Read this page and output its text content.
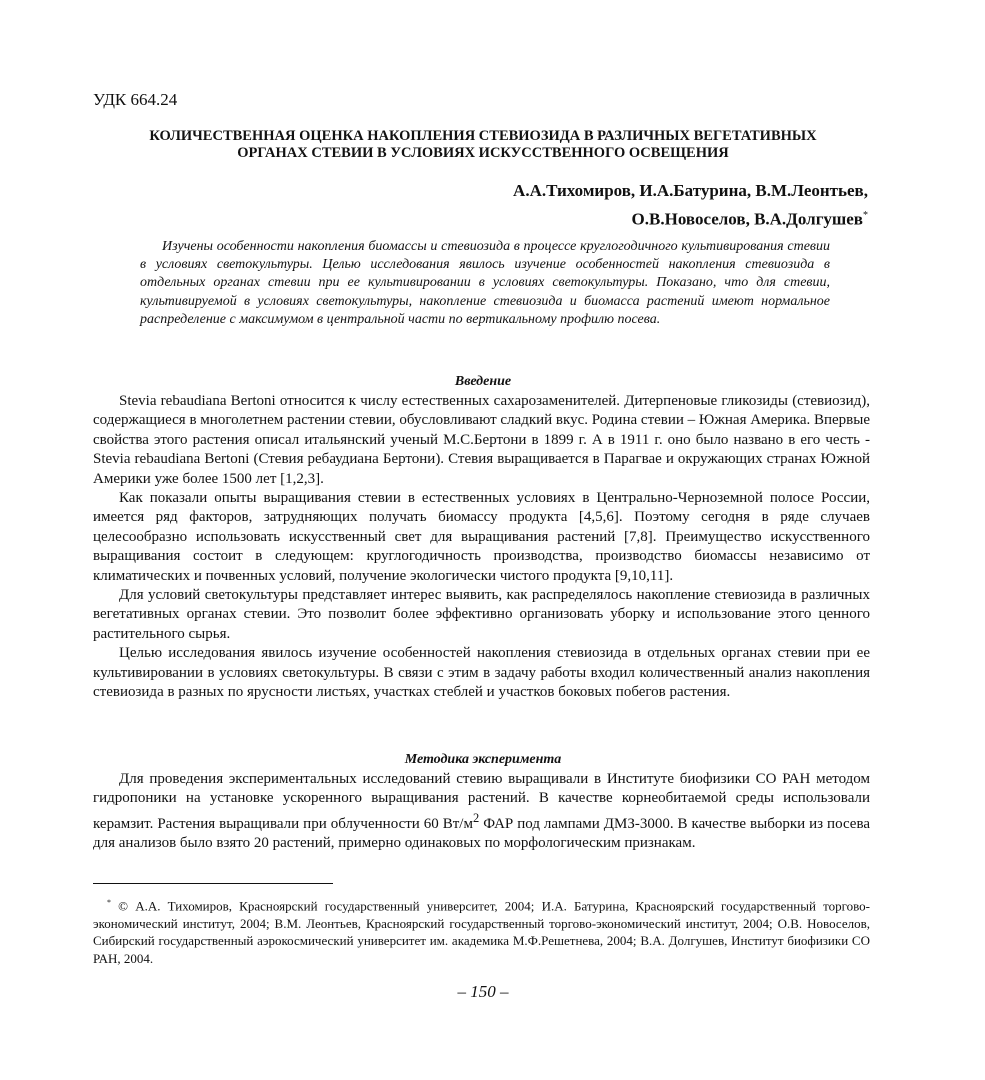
УДК 664.24
КОЛИЧЕСТВЕННАЯ ОЦЕНКА НАКОПЛЕНИЯ СТЕВИОЗИДА В РАЗЛИЧНЫХ ВЕГЕТАТИВНЫХ
ОРГАНАХ СТЕВИИ В УСЛОВИЯХ ИСКУССТВЕННОГО ОСВЕЩЕНИЯ
А.А.Тихомиров, И.А.Батурина, В.М.Леонтьев,
О.В.Новоселов, В.А.Долгушев*

Изучены особенности накопления биомассы и стевиозида в процессе круглогодичного культивирования стевии в условиях светокультуры. Целью исследования явилось изучение особенностей накопления стевиозида в отдельных органах стевии при ее культивировании в условиях светокультуры. Показано, что для стевии, культивируемой в условиях светокультуры, накопление стевиозида и биомасса растений имеют нормальное распределение с максимумом в центральной части по вертикальному профилю посева.

Введение

Stevia rebaudiana Bertoni относится к числу естественных сахарозаменителей. Дитерпеновые гликозиды (стевиозид), содержащиеся в многолетнем растении стевии, обусловливают сладкий вкус. Родина стевии – Южная Америка. Впервые свойства этого растения описал итальянский ученый М.С.Бертони в 1899 г. А в 1911 г. оно было названо в его честь - Stevia rebaudiana Bertoni (Стевия ребаудиана Бертони). Стевия выращивается в Парагвае и окружающих странах Южной Америки уже более 1500 лет [1,2,3].

Как показали опыты выращивания стевии в естественных условиях в Центрально-Черноземной полосе России, имеется ряд факторов, затрудняющих получать биомассу продукта [4,5,6]. Поэтому сегодня в ряде случаев целесообразно использовать искусственный свет для выращивания растений [7,8]. Преимущество искусственного выращивания состоит в следующем: круглогодичность производства, производство биомассы независимо от климатических и почвенных условий, получение экологически чистого продукта [9,10,11].

Для условий светокультуры представляет интерес выявить, как распределялось накопление стевиозида в различных вегетативных органах стевии. Это позволит более эффективно организовать уборку и использование этого ценного растительного сырья.

Целью исследования явилось изучение особенностей накопления стевиозида в отдельных органах стевии при ее культивировании в условиях светокультуры. В связи с этим в задачу работы входил количественный анализ накопления стевиозида в разных по ярусности листьях, участках стеблей и участков боковых побегов растения.

Методика эксперимента

Для проведения экспериментальных исследований стевию выращивали в Институте биофизики СО РАН методом гидропоники на установке ускоренного выращивания растений. В качестве корнеобитаемой среды использовали керамзит. Растения выращивали при облученности 60 $Вт/м^2$ ФАР под лампами ДМЗ-3000. В качестве выборки из посева для анализов было взято 20 растений, примерно одинаковых по морфологическим признакам.

* © А.А. Тихомиров, Красноярский государственный университет, 2004; И.А. Батурина, Красноярский государственный торгово-экономический институт, 2004; В.М. Леонтьев, Красноярский государственный торгово-экономический институт, 2004; О.В. Новоселов, Сибирский государственный аэрокосмический университет им. академика М.Ф.Решетнева, 2004; В.А. Долгушев, Институт биофизики СО РАН, 2004.

– 150 –
